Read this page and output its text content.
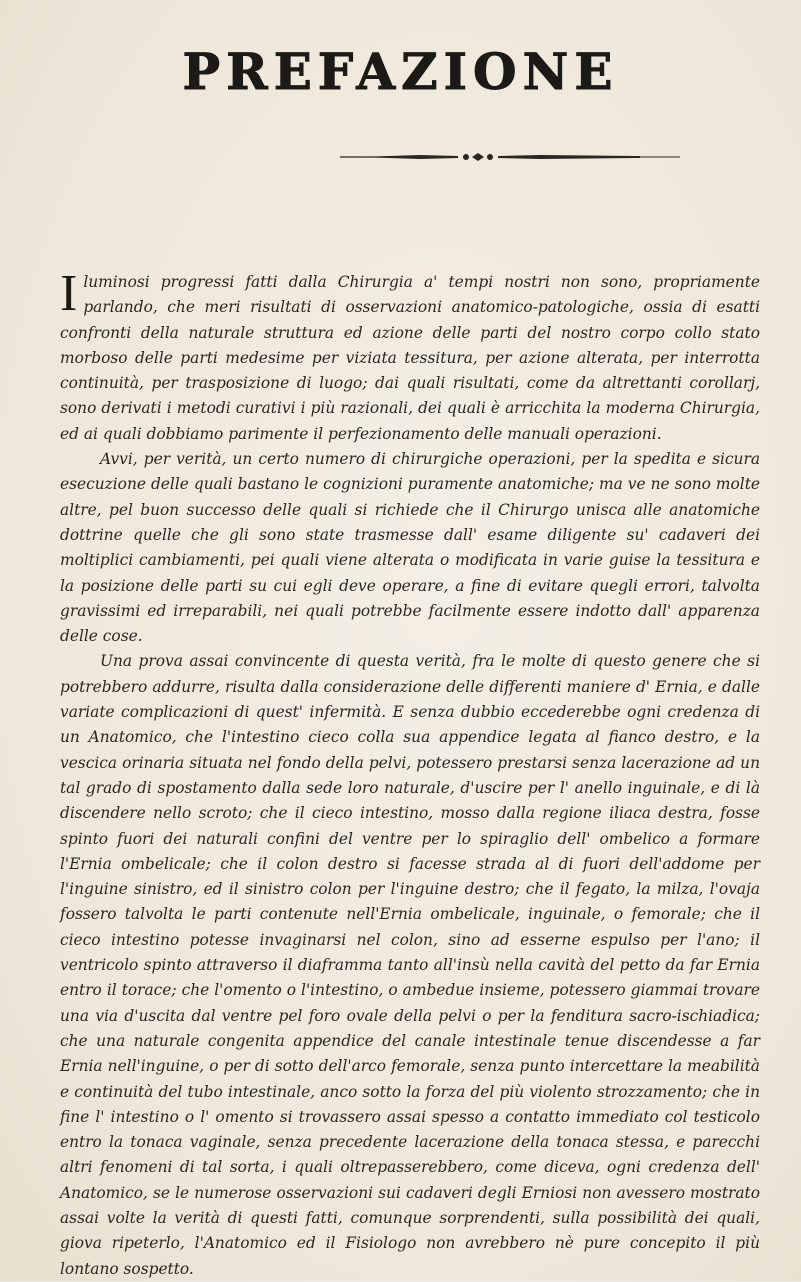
PREFAZIONE

Iluminosi progressi fatti dalla Chirurgia a' tempi nostri non sono, propriamente parlando, che meri risultati di osservazioni anatomico-patologiche, ossia di esatti confronti della naturale struttura ed azione delle parti del nostro corpo collo stato morboso delle parti medesime per viziata tessitura, per azione alterata, per interrotta continuità, per trasposizione di luogo; dai quali risultati, come da altrettanti corollarj, sono derivati i metodi curativi i più razionali, dei quali è arricchita la moderna Chirurgia, ed ai quali dobbiamo parimente il perfezionamento delle manuali operazioni.

Avvi, per verità, un certo numero di chirurgiche operazioni, per la spedita e sicura esecuzione delle quali bastano le cognizioni puramente anatomiche; ma ve ne sono molte altre, pel buon successo delle quali si richiede che il Chirurgo unisca alle anatomiche dottrine quelle che gli sono state trasmesse dall' esame diligente su' cadaveri dei moltiplici cambiamenti, pei quali viene alterata o modificata in varie guise la tessitura e la posizione delle parti su cui egli deve operare, a fine di evitare quegli errori, talvolta gravissimi ed irreparabili, nei quali potrebbe facilmente essere indotto dall' apparenza delle cose.

Una prova assai convincente di questa verità, fra le molte di questo genere che si potrebbero addurre, risulta dalla considerazione delle differenti maniere d' Ernia, e dalle variate complicazioni di quest' infermità. E senza dubbio eccederebbe ogni credenza di un Anatomico, che l'intestino cieco colla sua appendice legata al fianco destro, e la vescica orinaria situata nel fondo della pelvi, potessero prestarsi senza lacerazione ad un tal grado di spostamento dalla sede loro naturale, d'uscire per l' anello inguinale, e di là discendere nello scroto; che il cieco intestino, mosso dalla regione iliaca destra, fosse spinto fuori dei naturali confini del ventre per lo spiraglio dell' ombelico a formare l'Ernia ombelicale; che il colon destro si facesse strada al di fuori dell'addome per l'inguine sinistro, ed il sinistro colon per l'inguine destro; che il fegato, la milza, l'ovaja fossero talvolta le parti contenute nell'Ernia ombelicale, inguinale, o femorale; che il cieco intestino potesse invaginarsi nel colon, sino ad esserne espulso per l'ano; il ventricolo spinto attraverso il diaframma tanto all'insù nella cavità del petto da far Ernia entro il torace; che l'omento o l'intestino, o ambedue insieme, potessero giammai trovare una via d'uscita dal ventre pel foro ovale della pelvi o per la fenditura sacro-ischiadica; che una naturale congenita appendice del canale intestinale tenue discendesse a far Ernia nell'inguine, o per di sotto dell'arco femorale, senza punto intercettare la meabilità e continuità del tubo intestinale, anco sotto la forza del più violento strozzamento; che in fine l' intestino o l' omento si trovassero assai spesso a contatto immediato col testicolo entro la tonaca vaginale, senza precedente lacerazione della tonaca stessa, e parecchi altri fenomeni di tal sorta, i quali oltrepasserebbero, come diceva, ogni credenza dell' Anatomico, se le numerose osservazioni sui cadaveri degli Erniosi non avessero mostrato assai volte la verità di questi fatti, comunque sorprendenti, sulla possibilità dei quali, giova ripeterlo, l'Anatomico ed il Fisiologo non avrebbero nè pure concepito il più lontano sospetto.
